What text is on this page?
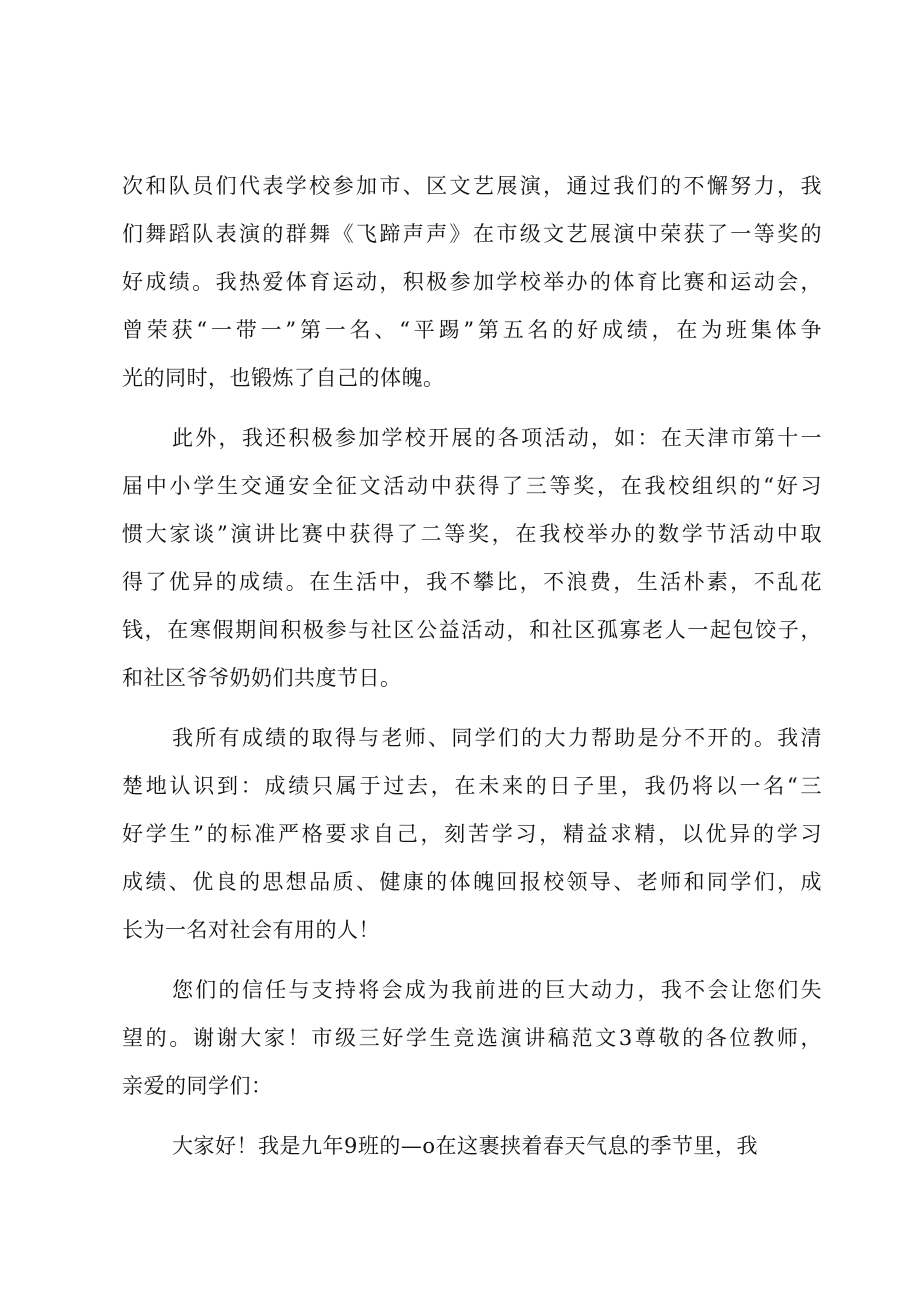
次和队员们代表学校参加市、区文艺展演，通过我们的不懈努力，我
们舞蹈队表演的群舞《飞蹄声声》在市级文艺展演中荣获了一等奖的
好成绩。我热爱体育运动，积极参加学校举办的体育比赛和运动会，
曾荣获“一带一”第一名、“平踢”第五名的好成绩，在为班集体争
光的同时，也锻炼了自己的体魄。
此外，我还积极参加学校开展的各项活动，如：在天津市第十一
届中小学生交通安全征文活动中获得了三等奖，在我校组织的“好习
惯大家谈”演讲比赛中获得了二等奖，在我校举办的数学节活动中取
得了优异的成绩。在生活中，我不攀比，不浪费，生活朴素，不乱花
钱，在寒假期间积极参与社区公益活动，和社区孤寡老人一起包饺子，
和社区爷爷奶奶们共度节日。
我所有成绩的取得与老师、同学们的大力帮助是分不开的。我清
楚地认识到：成绩只属于过去，在未来的日子里，我仍将以一名“三
好学生”的标准严格要求自己，刻苦学习，精益求精，以优异的学习
成绩、优良的思想品质、健康的体魄回报校领导、老师和同学们，成
长为一名对社会有用的人！
您们的信任与支持将会成为我前进的巨大动力，我不会让您们失
望的。谢谢大家！市级三好学生竞选演讲稿范文3尊敬的各位教师，
亲爱的同学们：
大家好！我是九年9班的—o在这裹挟着春天气息的季节里，我
